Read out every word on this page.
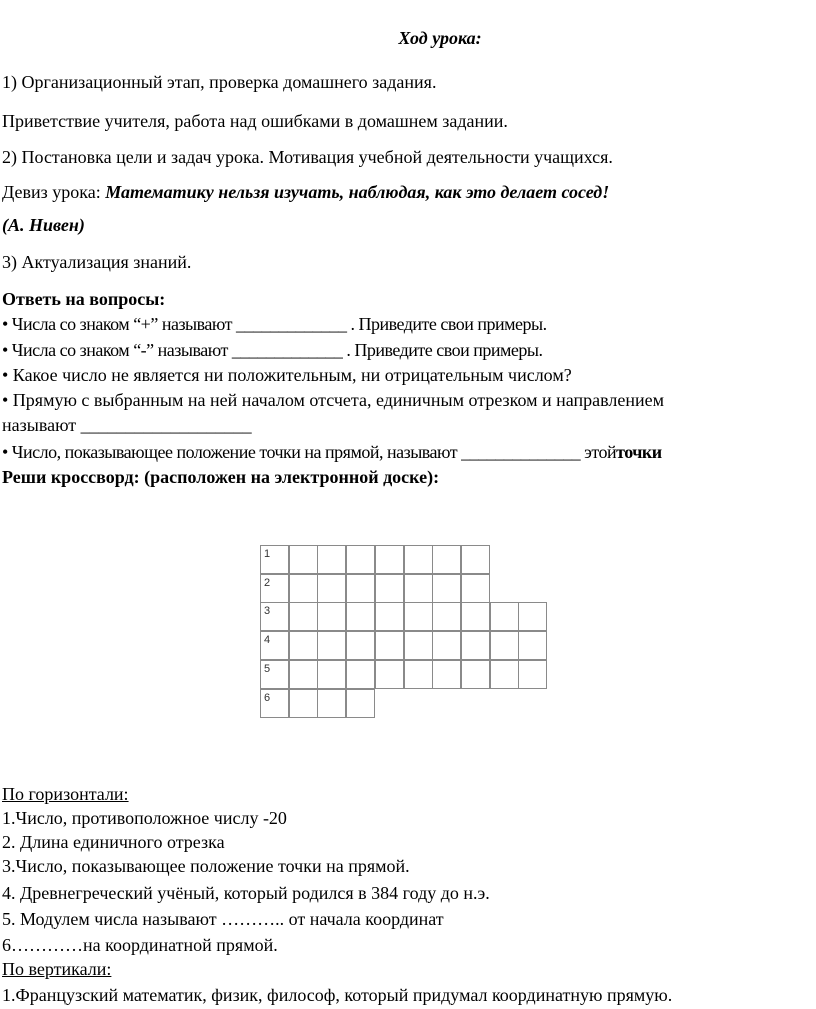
Ход урока:
1) Организационный этап, проверка домашнего задания.
Приветствие учителя, работа над ошибками в домашнем задании.
2) Постановка цели и задач урока. Мотивация учебной деятельности учащихся.
Девиз урока: Математику нельзя изучать, наблюдая, как это делает сосед!
(А. Нивен)
3) Актуализация знаний.
Ответь на вопросы:
• Числа со знаком “+” называют _____________ . Приведите свои примеры.
• Числа со знаком “-” называют _____________ . Приведите свои примеры.
• Какое число не является ни положительным, ни отрицательным числом?
• Прямую с выбранным на ней началом отсчета, единичным отрезком и направлением
называют ___________________
• Число, показывающее положение точки на прямой, называют ______________ этойточки
Реши кроссворд: (расположен на электронной доске):
1
2
3
4
5
6
По горизонтали:
1.Число, противоположное числу -20
2. Длина единичного отрезка
3.Число, показывающее положение точки на прямой.
4. Древнегреческий учёный, который родился в 384 году до н.э.
5. Модулем числа называют ……….. от начала координат
6…………на координатной прямой.
По вертикали:
1.Французский математик, физик, философ, который придумал координатную прямую.
